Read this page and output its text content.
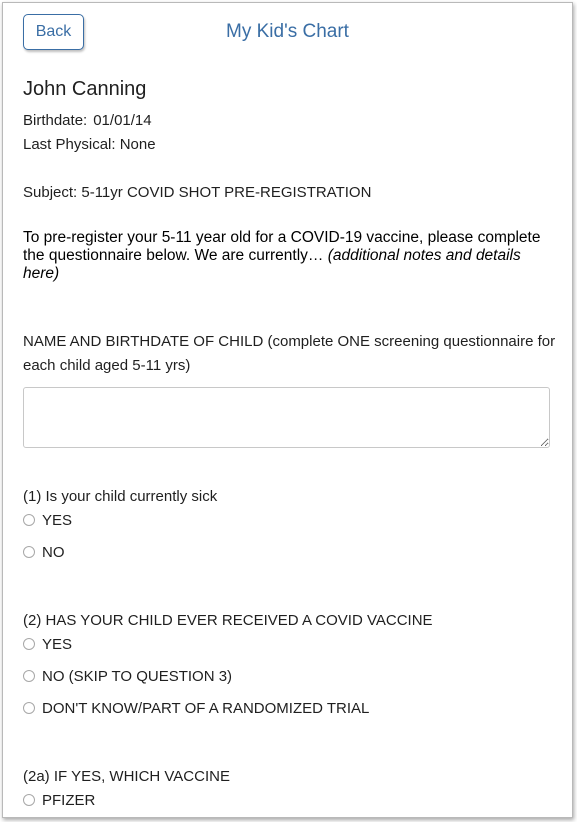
Back	My Kid's Chart
John Canning
Birthdate: 01/01/14
Last Physical: None
Subject: 5-11yr COVID SHOT PRE-REGISTRATION
To pre-register your 5-11 year old for a COVID-19 vaccine, please complete the questionnaire below. We are currently… (additional notes and details here)
NAME AND BIRTHDATE OF CHILD (complete ONE screening questionnaire for each child aged 5-11 yrs)
(1) Is your child currently sick
YES
NO
(2) HAS YOUR CHILD EVER RECEIVED A COVID VACCINE
YES
NO (SKIP TO QUESTION 3)
DON'T KNOW/PART OF A RANDOMIZED TRIAL
(2a) IF YES, WHICH VACCINE
PFIZER
